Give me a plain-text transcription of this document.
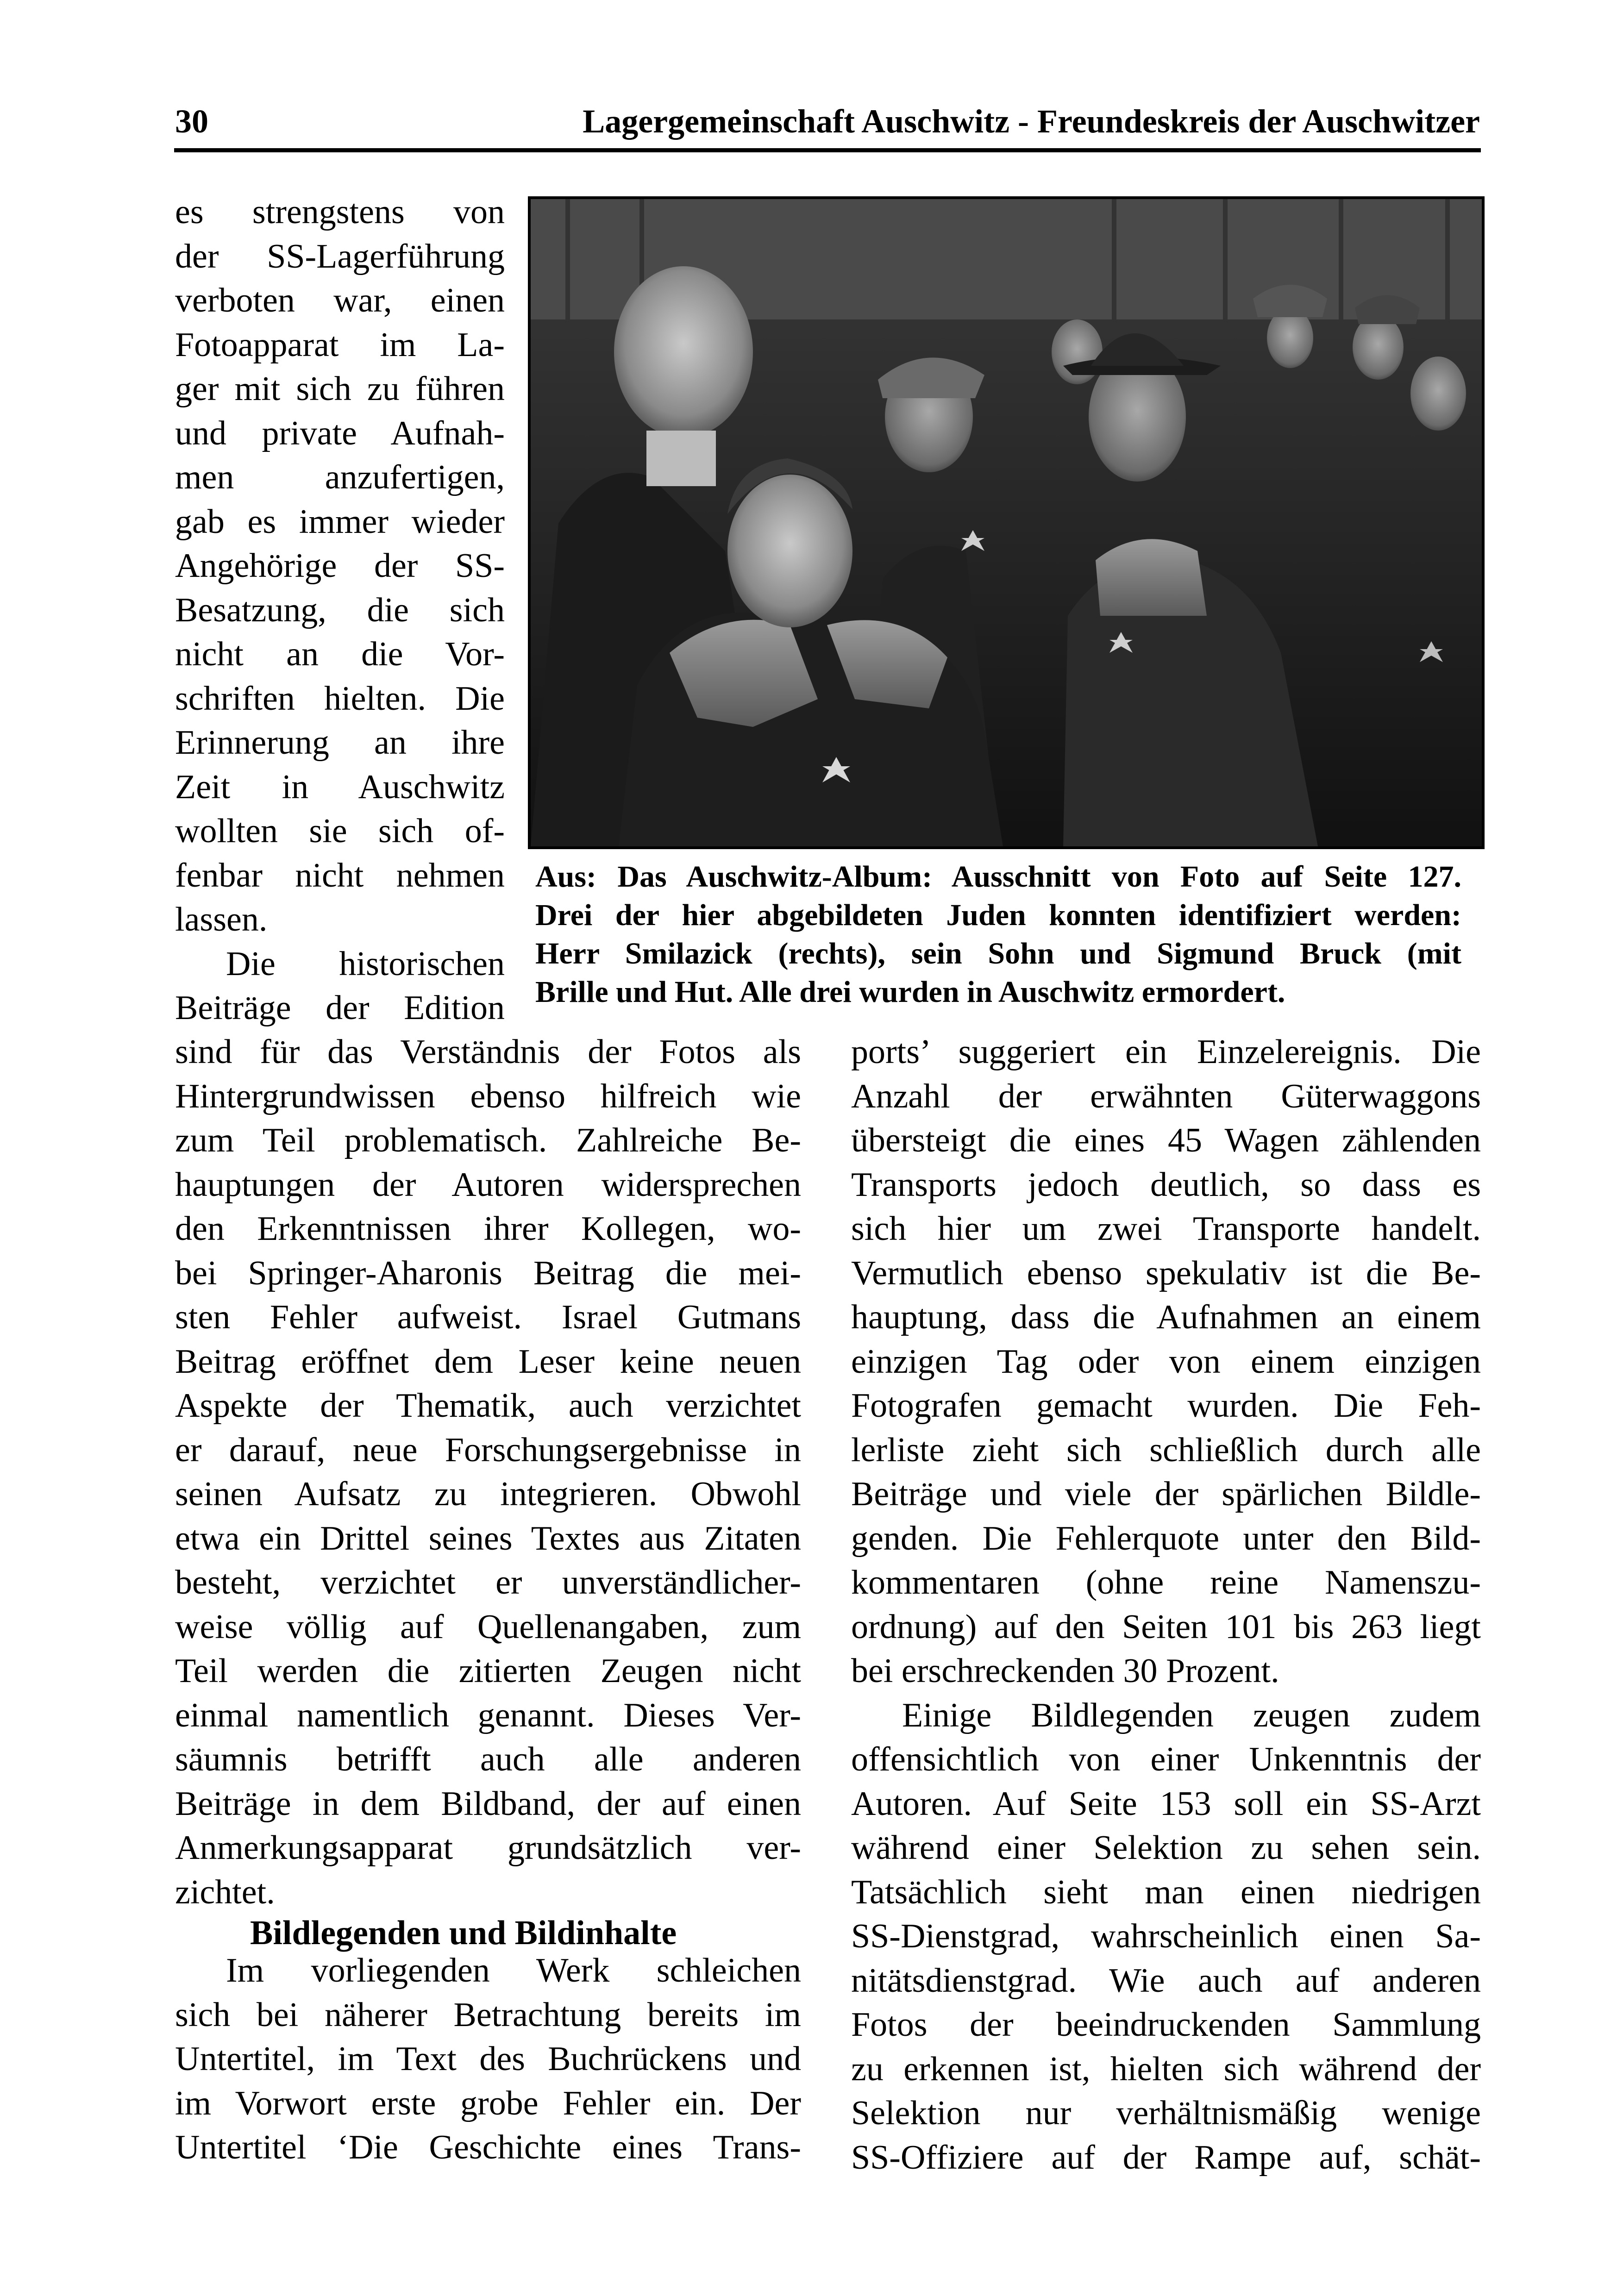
30	Lagergemeinschaft Auschwitz - Freundeskreis der Auschwitzer
Aus: Das Auschwitz-Album: Ausschnitt von Foto auf Seite 127.
Drei der hier abgebildeten Juden konnten identifiziert werden:
Herr Smilazick (rechts), sein Sohn und Sigmund Bruck (mit
Brille und Hut. Alle drei wurden in Auschwitz ermordert.
es strengstens von
der SS-Lagerführung
verboten war, einen
Fotoapparat im La-
ger mit sich zu führen
und private Aufnah-
men anzufertigen,
gab es immer wieder
Angehörige der SS-
Besatzung, die sich
nicht an die Vor-
schriften hielten. Die
Erinnerung an ihre
Zeit in Auschwitz
wollten sie sich of-
fenbar nicht nehmen
lassen.
Die historischen
Beiträge der Edition
sind für das Verständnis der Fotos als
Hintergrundwissen ebenso hilfreich wie
zum Teil problematisch. Zahlreiche Be-
hauptungen der Autoren widersprechen
den Erkenntnissen ihrer Kollegen, wo-
bei Springer-Aharonis Beitrag die mei-
sten Fehler aufweist. Israel Gutmans
Beitrag eröffnet dem Leser keine neuen
Aspekte der Thematik, auch verzichtet
er darauf, neue Forschungsergebnisse in
seinen Aufsatz zu integrieren. Obwohl
etwa ein Drittel seines Textes aus Zitaten
besteht, verzichtet er unverständlicher-
weise völlig auf Quellenangaben, zum
Teil werden die zitierten Zeugen nicht
einmal namentlich genannt. Dieses Ver-
säumnis betrifft auch alle anderen
Beiträge in dem Bildband, der auf einen
Anmerkungsapparat grundsätzlich ver-
zichtet.
Bildlegenden und Bildinhalte
Im vorliegenden Werk schleichen
sich bei näherer Betrachtung bereits im
Untertitel, im Text des Buchrückens und
im Vorwort erste grobe Fehler ein. Der
Untertitel ‘Die Geschichte eines Trans-
ports’ suggeriert ein Einzelereignis. Die
Anzahl der erwähnten Güterwaggons
übersteigt die eines 45 Wagen zählenden
Transports jedoch deutlich, so dass es
sich hier um zwei Transporte handelt.
Vermutlich ebenso spekulativ ist die Be-
hauptung, dass die Aufnahmen an einem
einzigen Tag oder von einem einzigen
Fotografen gemacht wurden. Die Feh-
lerliste zieht sich schließlich durch alle
Beiträge und viele der spärlichen Bildle-
genden. Die Fehlerquote unter den Bild-
kommentaren (ohne reine Namenszu-
ordnung) auf den Seiten 101 bis 263 liegt
bei erschreckenden 30 Prozent.
Einige Bildlegenden zeugen zudem
offensichtlich von einer Unkenntnis der
Autoren. Auf Seite 153 soll ein SS-Arzt
während einer Selektion zu sehen sein.
Tatsächlich sieht man einen niedrigen
SS-Dienstgrad, wahrscheinlich einen Sa-
nitätsdienstgrad. Wie auch auf anderen
Fotos der beeindruckenden Sammlung
zu erkennen ist, hielten sich während der
Selektion nur verhältnismäßig wenige
SS-Offiziere auf der Rampe auf, schät-
